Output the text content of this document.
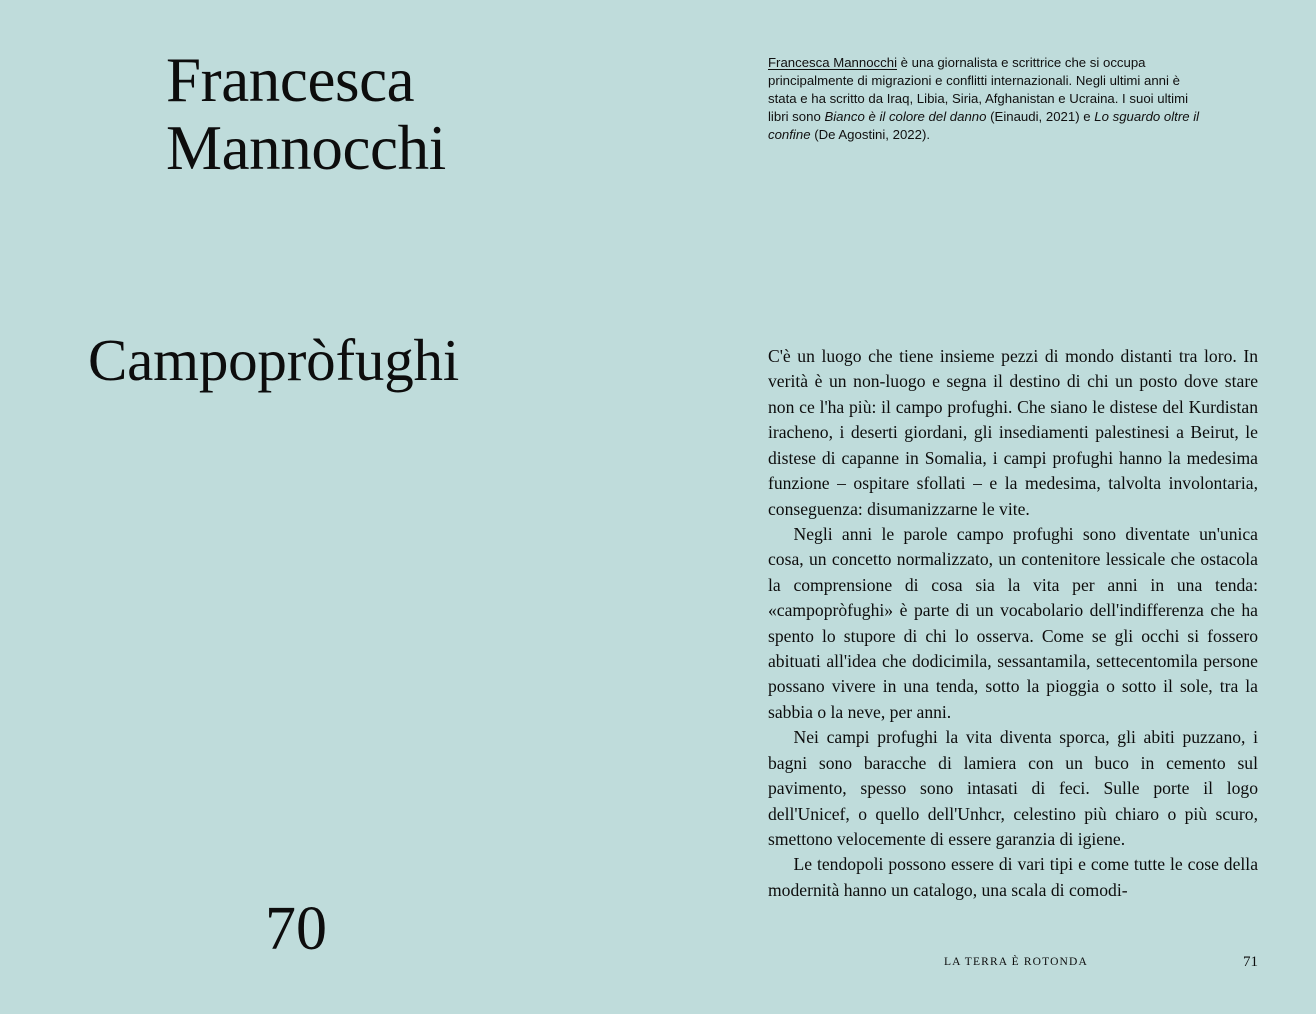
Francesca Mannocchi
Campopròfughi
70
Francesca Mannocchi è una giornalista e scrittrice che si occupa principalmente di migrazioni e conflitti internazionali. Negli ultimi anni è stata e ha scritto da Iraq, Libia, Siria, Afghanistan e Ucraina. I suoi ultimi libri sono Bianco è il colore del danno (Einaudi, 2021) e Lo sguardo oltre il confine (De Agostini, 2022).

C'è un luogo che tiene insieme pezzi di mondo distanti tra loro. In verità è un non-luogo e segna il destino di chi un posto dove stare non ce l'ha più: il campo profughi. Che siano le distese del Kurdistan iracheno, i deserti giordani, gli insediamenti palestinesi a Beirut, le distese di capanne in Somalia, i campi profughi hanno la medesima funzione – ospitare sfollati – e la medesima, talvolta involontaria, conseguenza: disumanizzarne le vite.

Negli anni le parole campo profughi sono diventate un'unica cosa, un concetto normalizzato, un contenitore lessicale che ostacola la comprensione di cosa sia la vita per anni in una tenda: «campopròfughi» è parte di un vocabolario dell'indifferenza che ha spento lo stupore di chi lo osserva. Come se gli occhi si fossero abituati all'idea che dodicimila, sessantamila, settecentomila persone possano vivere in una tenda, sotto la pioggia o sotto il sole, tra la sabbia o la neve, per anni.

Nei campi profughi la vita diventa sporca, gli abiti puzzano, i bagni sono baracche di lamiera con un buco in cemento sul pavimento, spesso sono intasati di feci. Sulle porte il logo dell'Unicef, o quello dell'Unhcr, celestino più chiaro o più scuro, smettono velocemente di essere garanzia di igiene.

Le tendopoli possono essere di vari tipi e come tutte le cose della modernità hanno un catalogo, una scala di comodi-

LA TERRA È ROTONDA	71
